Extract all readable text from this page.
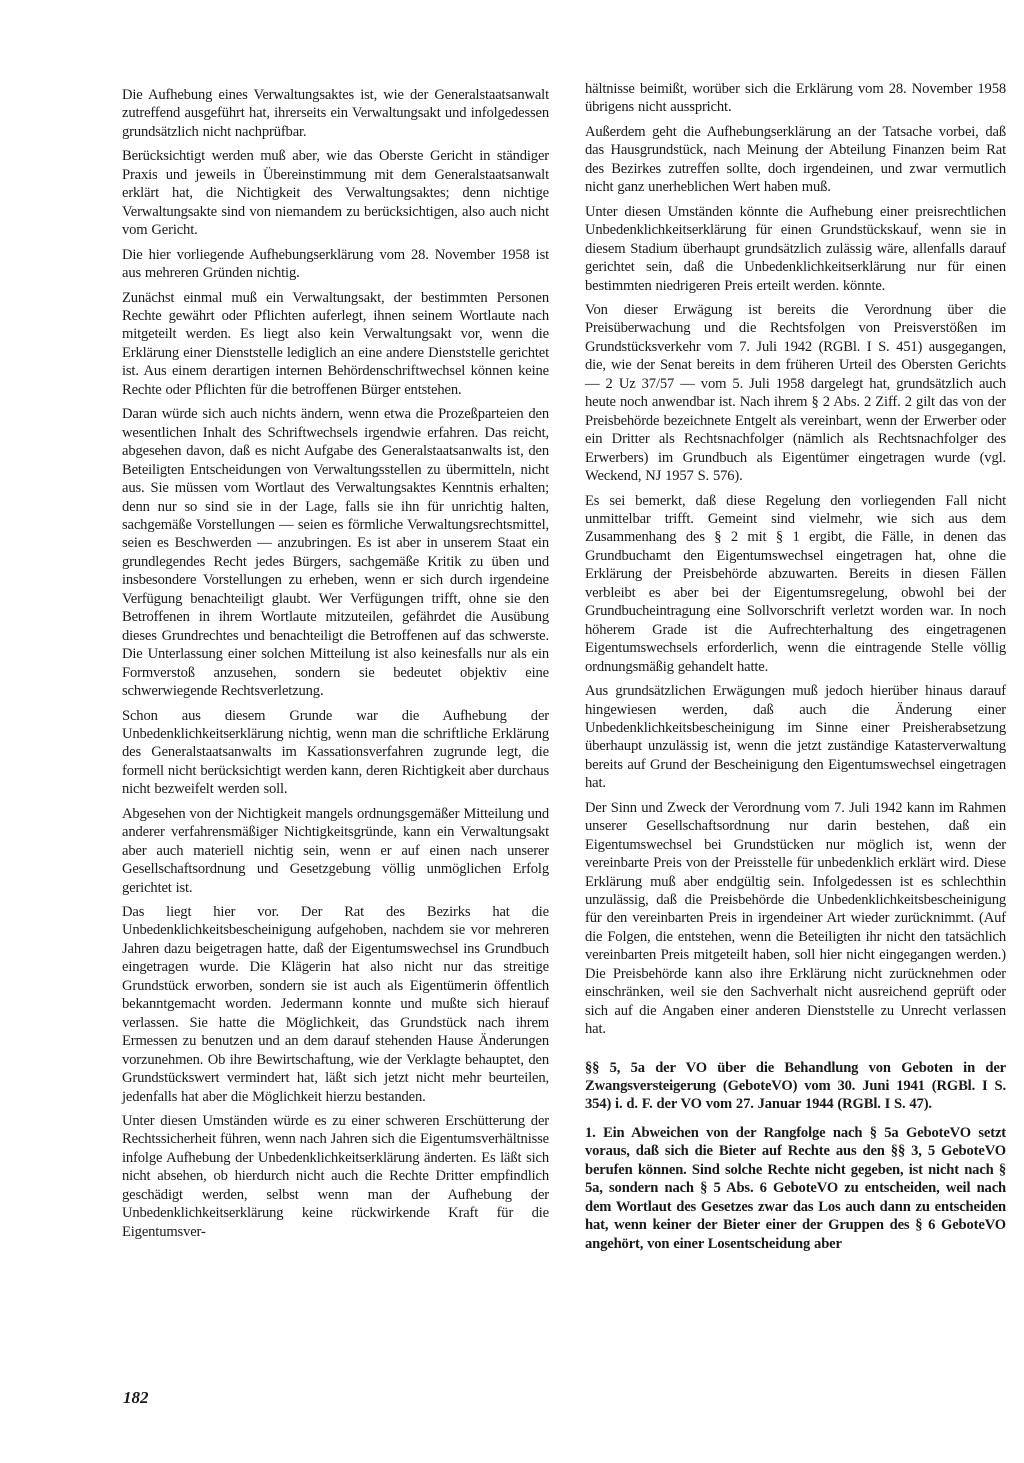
Die Aufhebung eines Verwaltungsaktes ist, wie der Generalstaatsanwalt zutreffend ausgeführt hat, ihrerseits ein Verwaltungsakt und infolgedessen grundsätzlich nicht nachprüfbar.

Berücksichtigt werden muß aber, wie das Oberste Gericht in ständiger Praxis und jeweils in Übereinstimmung mit dem Generalstaatsanwalt erklärt hat, die Nichtigkeit des Verwaltungsaktes; denn nichtige Verwaltungsakte sind von niemandem zu berücksichtigen, also auch nicht vom Gericht.

Die hier vorliegende Aufhebungserklärung vom 28. November 1958 ist aus mehreren Gründen nichtig.

Zunächst einmal muß ein Verwaltungsakt, der bestimmten Personen Rechte gewährt oder Pflichten auferlegt, ihnen seinem Wortlaute nach mitgeteilt werden. Es liegt also kein Verwaltungsakt vor, wenn die Erklärung einer Dienststelle lediglich an eine andere Dienststelle gerichtet ist. Aus einem derartigen internen Behördenschriftwechsel können keine Rechte oder Pflichten für die betroffenen Bürger entstehen.

Daran würde sich auch nichts ändern, wenn etwa die Prozeßparteien den wesentlichen Inhalt des Schriftwechsels irgendwie erfahren. Das reicht, abgesehen davon, daß es nicht Aufgabe des Generalstaatsanwalts ist, den Beteiligten Entscheidungen von Verwaltungsstellen zu übermitteln, nicht aus. Sie müssen vom Wortlaut des Verwaltungsaktes Kenntnis erhalten; denn nur so sind sie in der Lage, falls sie ihn für unrichtig halten, sachgemäße Vorstellungen — seien es förmliche Verwaltungsrechtsmittel, seien es Beschwerden — anzubringen. Es ist aber in unserem Staat ein grundlegendes Recht jedes Bürgers, sachgemäße Kritik zu üben und insbesondere Vorstellungen zu erheben, wenn er sich durch irgendeine Verfügung benachteiligt glaubt. Wer Verfügungen trifft, ohne sie den Betroffenen in ihrem Wortlaute mitzuteilen, gefährdet die Ausübung dieses Grundrechtes und benachteiligt die Betroffenen auf das schwerste. Die Unterlassung einer solchen Mitteilung ist also keinesfalls nur als ein Formverstoß anzusehen, sondern sie bedeutet objektiv eine schwerwiegende Rechtsverletzung.

Schon aus diesem Grunde war die Aufhebung der Unbedenklichkeitserklärung nichtig, wenn man die schriftliche Erklärung des Generalstaatsanwalts im Kassationsverfahren zugrunde legt, die formell nicht berücksichtigt werden kann, deren Richtigkeit aber durchaus nicht bezweifelt werden soll.

Abgesehen von der Nichtigkeit mangels ordnungsgemäßer Mitteilung und anderer verfahrensmäßiger Nichtigkeitsgründe, kann ein Verwaltungsakt aber auch materiell nichtig sein, wenn er auf einen nach unserer Gesellschaftsordnung und Gesetzgebung völlig unmöglichen Erfolg gerichtet ist.

Das liegt hier vor. Der Rat des Bezirks hat die Unbedenklichkeitsbescheinigung aufgehoben, nachdem sie vor mehreren Jahren dazu beigetragen hatte, daß der Eigentumswechsel ins Grundbuch eingetragen wurde. Die Klägerin hat also nicht nur das streitige Grundstück erworben, sondern sie ist auch als Eigentümerin öffentlich bekanntgemacht worden. Jedermann konnte und mußte sich hierauf verlassen. Sie hatte die Möglichkeit, das Grundstück nach ihrem Ermessen zu benutzen und an dem darauf stehenden Hause Änderungen vorzunehmen. Ob ihre Bewirtschaftung, wie der Verklagte behauptet, den Grundstückswert vermindert hat, läßt sich jetzt nicht mehr beurteilen, jedenfalls hat aber die Möglichkeit hierzu bestanden.

Unter diesen Umständen würde es zu einer schweren Erschütterung der Rechtssicherheit führen, wenn nach Jahren sich die Eigentumsverhältnisse infolge Aufhebung der Unbedenklichkeitserklärung änderten. Es läßt sich nicht absehen, ob hierdurch nicht auch die Rechte Dritter empfindlich geschädigt werden, selbst wenn man der Aufhebung der Unbedenklichkeitserklärung keine rückwirkende Kraft für die Eigentumsver-

hältnisse beimißt, worüber sich die Erklärung vom 28. November 1958 übrigens nicht ausspricht.

Außerdem geht die Aufhebungserklärung an der Tatsache vorbei, daß das Hausgrundstück, nach Meinung der Abteilung Finanzen beim Rat des Bezirkes zutreffen sollte, doch irgendeinen, und zwar vermutlich nicht ganz unerheblichen Wert haben muß.

Unter diesen Umständen könnte die Aufhebung einer preisrechtlichen Unbedenklichkeitserklärung für einen Grundstückskauf, wenn sie in diesem Stadium überhaupt grundsätzlich zulässig wäre, allenfalls darauf gerichtet sein, daß die Unbedenklichkeitserklärung nur für einen bestimmten niedrigeren Preis erteilt werden. könnte.

Von dieser Erwägung ist bereits die Verordnung über die Preisüberwachung und die Rechtsfolgen von Preisverstößen im Grundstücksverkehr vom 7. Juli 1942 (RGBl. I S. 451) ausgegangen, die, wie der Senat bereits in dem früheren Urteil des Obersten Gerichts — 2 Uz 37/57 — vom 5. Juli 1958 dargelegt hat, grundsätzlich auch heute noch anwendbar ist. Nach ihrem § 2 Abs. 2 Ziff. 2 gilt das von der Preisbehörde bezeichnete Entgelt als vereinbart, wenn der Erwerber oder ein Dritter als Rechtsnachfolger (nämlich als Rechtsnachfolger des Erwerbers) im Grundbuch als Eigentümer eingetragen wurde (vgl. Weckend, NJ 1957 S. 576).

Es sei bemerkt, daß diese Regelung den vorliegenden Fall nicht unmittelbar trifft. Gemeint sind vielmehr, wie sich aus dem Zusammenhang des § 2 mit § 1 ergibt, die Fälle, in denen das Grundbuchamt den Eigentumswechsel eingetragen hat, ohne die Erklärung der Preisbehörde abzuwarten. Bereits in diesen Fällen verbleibt es aber bei der Eigentumsregelung, obwohl bei der Grundbucheintragung eine Sollvorschrift verletzt worden war. In noch höherem Grade ist die Aufrechterhaltung des eingetragenen Eigentumswechsels erforderlich, wenn die eintragende Stelle völlig ordnungsmäßig gehandelt hatte.

Aus grundsätzlichen Erwägungen muß jedoch hierüber hinaus darauf hingewiesen werden, daß auch die Änderung einer Unbedenklichkeitsbescheinigung im Sinne einer Preisherabsetzung überhaupt unzulässig ist, wenn die jetzt zuständige Katasterverwaltung bereits auf Grund der Bescheinigung den Eigentumswechsel eingetragen hat.

Der Sinn und Zweck der Verordnung vom 7. Juli 1942 kann im Rahmen unserer Gesellschaftsordnung nur darin bestehen, daß ein Eigentumswechsel bei Grundstücken nur möglich ist, wenn der vereinbarte Preis von der Preisstelle für unbedenklich erklärt wird. Diese Erklärung muß aber endgültig sein. Infolgedessen ist es schlechthin unzulässig, daß die Preisbehörde die Unbedenklichkeitsbescheinigung für den vereinbarten Preis in irgendeiner Art wieder zurücknimmt. (Auf die Folgen, die entstehen, wenn die Beteiligten ihr nicht den tatsächlich vereinbarten Preis mitgeteilt haben, soll hier nicht eingegangen werden.) Die Preisbehörde kann also ihre Erklärung nicht zurücknehmen oder einschränken, weil sie den Sachverhalt nicht ausreichend geprüft oder sich auf die Angaben einer anderen Dienststelle zu Unrecht verlassen hat.

§§ 5, 5a der VO über die Behandlung von Geboten in der Zwangsversteigerung (GeboteVO) vom 30. Juni 1941 (RGBl. I S. 354) i. d. F. der VO vom 27. Januar 1944 (RGBl. I S. 47).

1. Ein Abweichen von der Rangfolge nach § 5a GeboteVO setzt voraus, daß sich die Bieter auf Rechte aus den §§ 3, 5 GeboteVO berufen können. Sind solche Rechte nicht gegeben, ist nicht nach § 5a, sondern nach § 5 Abs. 6 GeboteVO zu entscheiden, weil nach dem Wortlaut des Gesetzes zwar das Los auch dann zu entscheiden hat, wenn keiner der Bieter einer der Gruppen des § 6 GeboteVO angehört, von einer Losentscheidung aber

182
